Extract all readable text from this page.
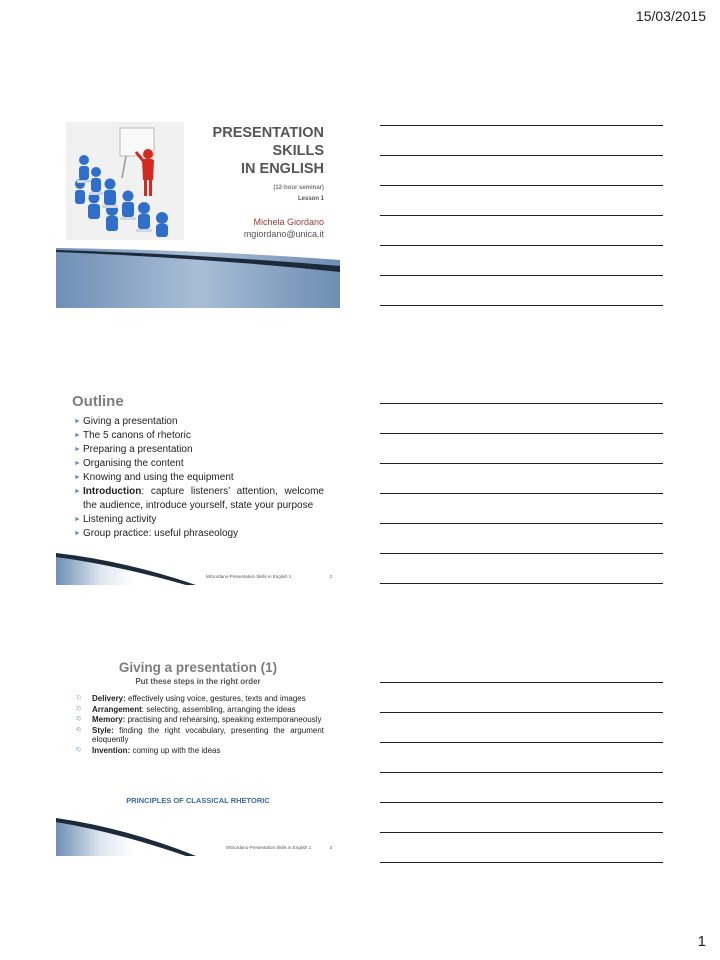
15/03/2015
PRESENTATION
SKILLS
IN ENGLISH
(12-hour seminar)
Lesson 1
Michela Giordano
mgiordano@unica.it
Outline
► Giving a presentation
► The 5 canons of rhetoric
► Preparing a presentation
► Organising the content
► Knowing and using the equipment
► Introduction: capture listeners’ attention, welcome the audience, introduce yourself, state your purpose
► Listening activity
► Group practice: useful phraseology
MGiordano-Presentation Skills in English 1	2
Giving a presentation (1)
Put these steps in the right order
1) Delivery: effectively using voice, gestures, texts and images
2) Arrangement: selecting, assembling, arranging the ideas
3) Memory: practising and rehearsing, speaking extemporaneously
4) Style: finding the right vocabulary, presenting the argument eloquently
5) Invention: coming up with the ideas
PRINCIPLES OF CLASSICAL RHETORIC
MGiordano-Presentation Skills in English 1	3
1
